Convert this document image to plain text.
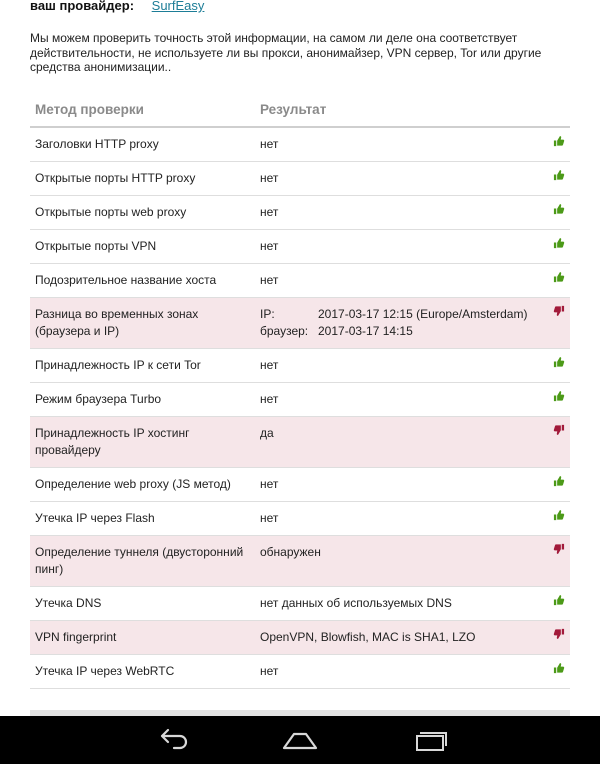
ваш провайдер: SurfEasy
Мы можем проверить точность этой информации, на самом ли деле она соответствует действительности, не используете ли вы прокси, анонимайзер, VPN сервер, Tor или другие средства анонимизации..
Метод проверки	Результат	
Заголовки HTTP proxy	нет	
Открытые порты HTTP proxy	нет	
Открытые порты web proxy	нет	
Открытые порты VPN	нет	
Подозрительное название хоста	нет	
Разница во временных зонах (браузера и IP)	IP: 2017-03-17 12:15 (Europe/Amsterdam)
браузер: 2017-03-17 14:15

Принадлежность IP к сети Tor	нет	
Режим браузера Turbo	нет	
Принадлежность IP хостинг провайдеру	да	
Определение web proxy (JS метод)	нет	
Утечка IP через Flash	нет	
Определение туннеля (двусторонний пинг)	обнаружен	
Утечка DNS	нет данных об используемых DNS	
VPN fingerprint	OpenVPN, Blowfish, MAC is SHA1, LZO	
Утечка IP через WebRTC	нет	
